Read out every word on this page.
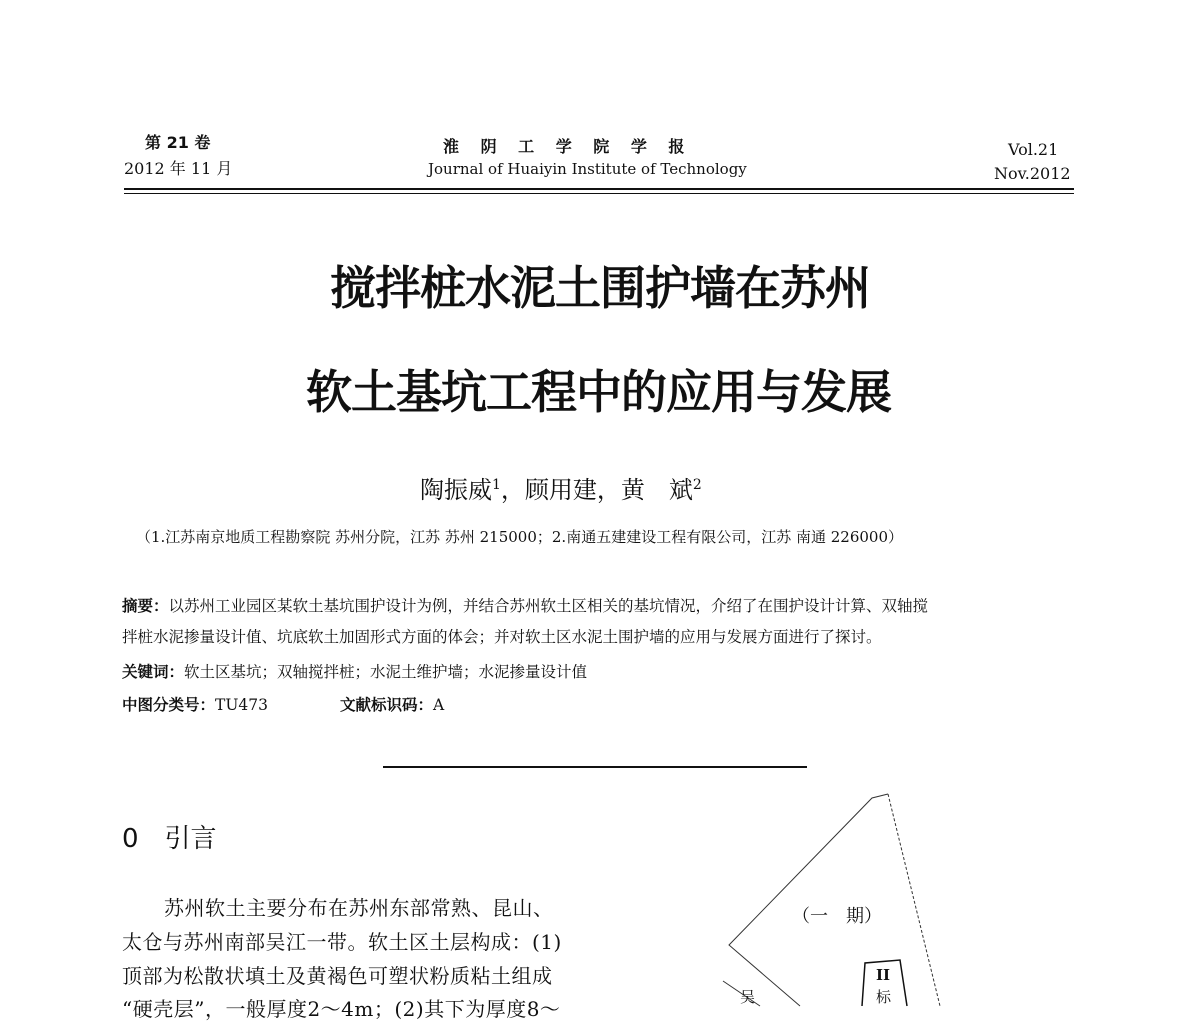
第 21 卷
2012 年 11 月
淮 阴 工 学 院 学 报
Journal of Huaiyin Institute of Technology
Vol.21
Nov.2012
搅拌桩水泥土围护墙在苏州
软土基坑工程中的应用与发展
陶振威$^1$，顾用建，黄　斌$^2$
（1.江苏南京地质工程勘察院 苏州分院，江苏 苏州 215000；2.南通五建建设工程有限公司，江苏 南通 226000）
摘要：以苏州工业园区某软土基坑围护设计为例，并结合苏州软土区相关的基坑情况，介绍了在围护设计计算、双轴搅
拌桩水泥掺量设计值、坑底软土加固形式方面的体会；并对软土区水泥土围护墙的应用与发展方面进行了探讨。
关键词：软土区基坑；双轴搅拌桩；水泥土维护墙；水泥掺量设计值
中图分类号：TU473	文献标识码：A
0 引言
苏州软土主要分布在苏州东部常熟、昆山、
太仓与苏州南部吴江一带。软土区土层构成：(1)
顶部为松散状填土及黄褐色可塑状粉质粘土组成
“硬壳层”，一般厚度2～4m；(2)其下为厚度8～
（一　期）
II
标
吴
